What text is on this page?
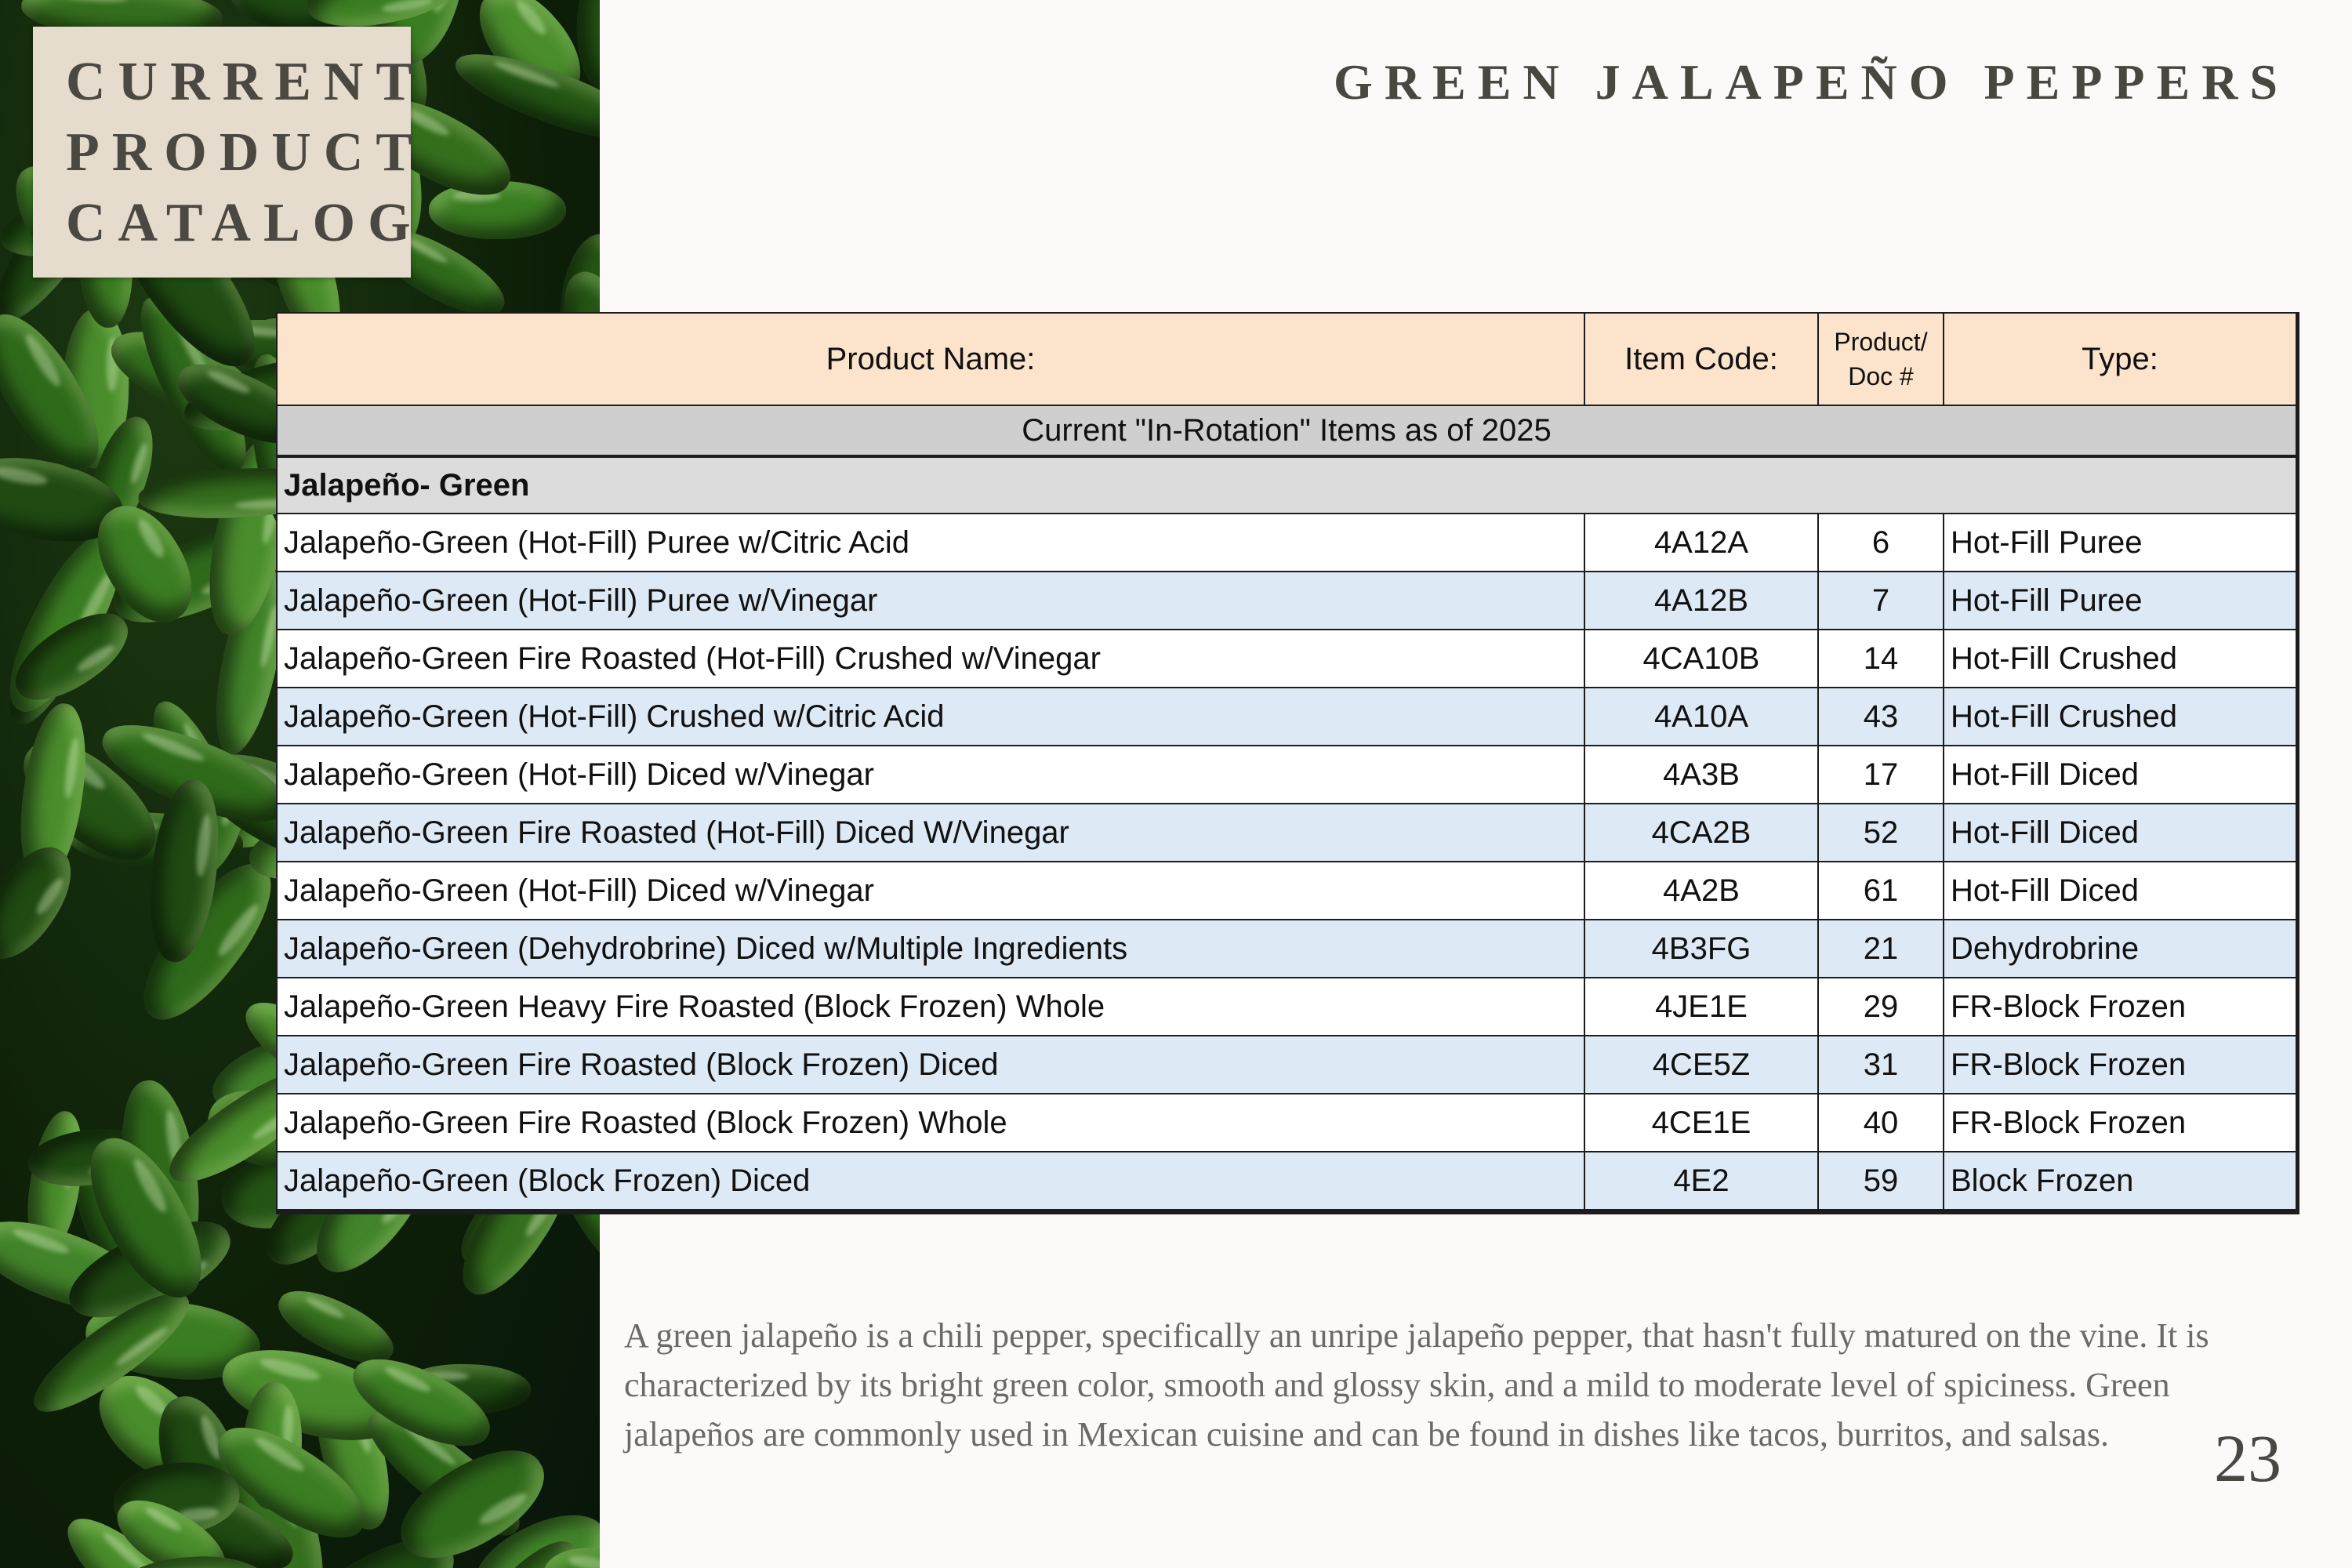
CURRENT
PRODUCT
CATALOG
GREEN JALAPEÑO PEPPERS
Product Name:	Item Code:	Product/ Doc #	Type:
Current "In-Rotation" Items as of 2025			
Jalapeño- Green			
Jalapeño-Green (Hot-Fill) Puree w/Citric Acid	4A12A	6	Hot-Fill Puree
Jalapeño-Green (Hot-Fill) Puree w/Vinegar	4A12B	7	Hot-Fill Puree
Jalapeño-Green Fire Roasted (Hot-Fill) Crushed w/Vinegar	4CA10B	14	Hot-Fill Crushed
Jalapeño-Green (Hot-Fill) Crushed w/Citric Acid	4A10A	43	Hot-Fill Crushed
Jalapeño-Green (Hot-Fill) Diced w/Vinegar	4A3B	17	Hot-Fill Diced
Jalapeño-Green Fire Roasted (Hot-Fill) Diced W/Vinegar	4CA2B	52	Hot-Fill Diced
Jalapeño-Green (Hot-Fill) Diced w/Vinegar	4A2B	61	Hot-Fill Diced
Jalapeño-Green (Dehydrobrine) Diced w/Multiple Ingredients	4B3FG	21	Dehydrobrine
Jalapeño-Green Heavy Fire Roasted (Block Frozen) Whole	4JE1E	29	FR-Block Frozen
Jalapeño-Green Fire Roasted (Block Frozen) Diced	4CE5Z	31	FR-Block Frozen
Jalapeño-Green Fire Roasted (Block Frozen) Whole	4CE1E	40	FR-Block Frozen
Jalapeño-Green (Block Frozen) Diced	4E2	59	Block Frozen
A green jalapeño is a chili pepper, specifically an unripe jalapeño pepper, that hasn't fully matured on the vine. It is characterized by its bright green color, smooth and glossy skin, and a mild to moderate level of spiciness. Green jalapeños are commonly used in Mexican cuisine and can be found in dishes like tacos, burritos, and salsas.	23
